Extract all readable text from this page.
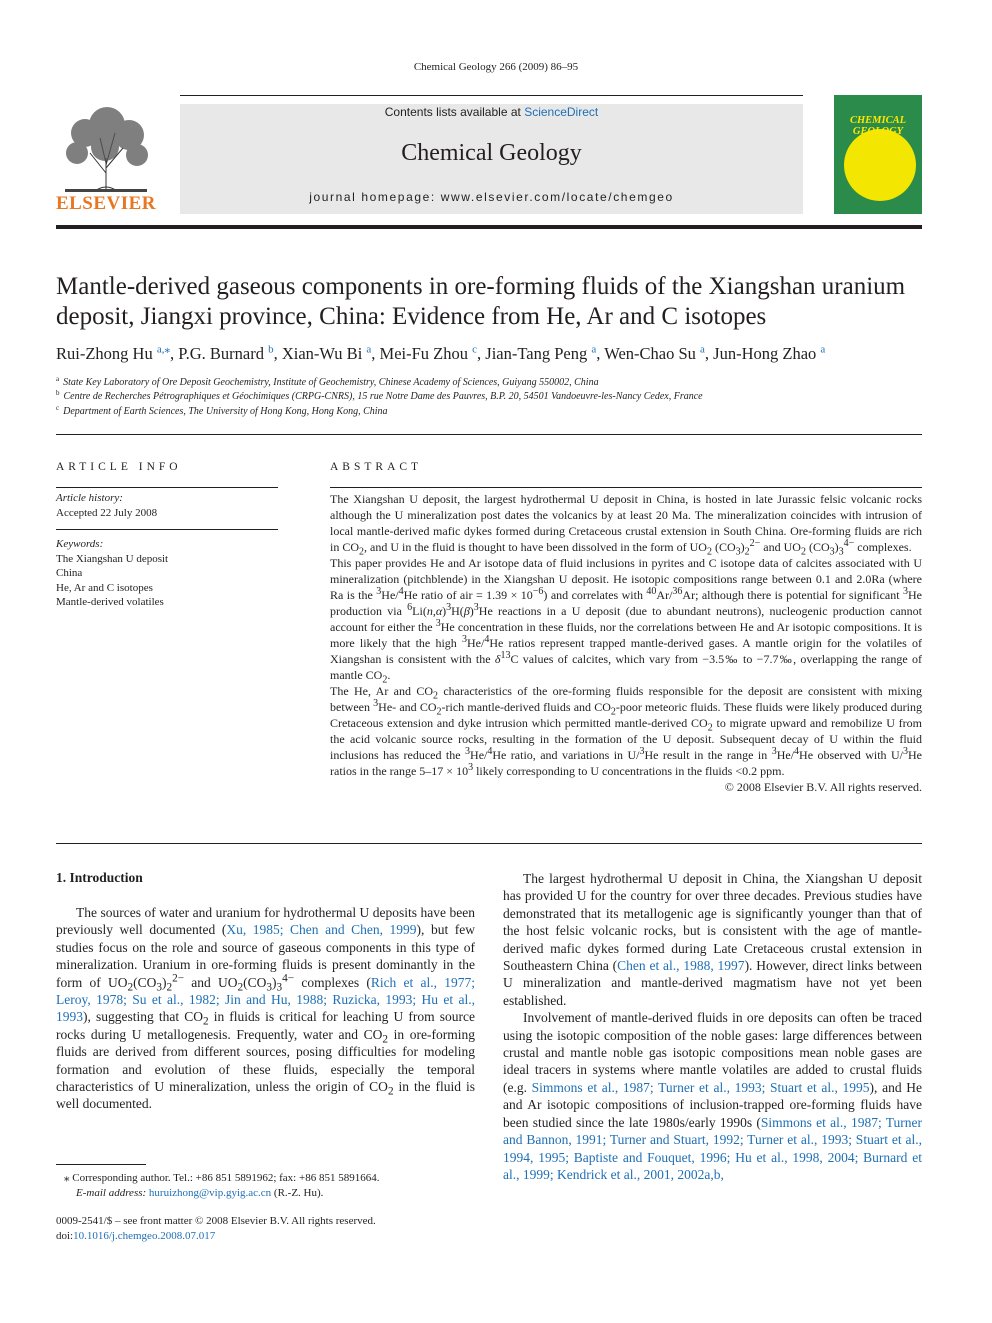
Chemical Geology 266 (2009) 86–95
ELSEVIER
Contents lists available at ScienceDirect
Chemical Geology
journal homepage: www.elsevier.com/locate/chemgeo
CHEMICAL
GEOLOGY
Mantle-derived gaseous components in ore-forming fluids of the Xiangshan uranium deposit, Jiangxi province, China: Evidence from He, Ar and C isotopes
Rui-Zhong Hu $^{a,⁎}$, P.G. Burnard $^b$, Xian-Wu Bi $^a$, Mei-Fu Zhou $^c$, Jian-Tang Peng $^a$, Wen-Chao Su $^a$, Jun-Hong Zhao $^a$
$^a$ State Key Laboratory of Ore Deposit Geochemistry, Institute of Geochemistry, Chinese Academy of Sciences, Guiyang 550002, China
$^b$ Centre de Recherches Pétrographiques et Géochimiques (CRPG-CNRS), 15 rue Notre Dame des Pauvres, B.P. 20, 54501 Vandoeuvre-les-Nancy Cedex, France
$^c$ Department of Earth Sciences, The University of Hong Kong, Hong Kong, China
ARTICLE INFO
Article history:
Accepted 22 July 2008
Keywords:
The Xiangshan U deposit
China
He, Ar and C isotopes
Mantle-derived volatiles
ABSTRACT

The Xiangshan U deposit, the largest hydrothermal U deposit in China, is hosted in late Jurassic felsic volcanic rocks although the U mineralization post dates the volcanics by at least 20 Ma. The mineralization coincides with intrusion of local mantle-derived mafic dykes formed during Cretaceous crustal extension in South China. Ore-forming fluids are rich in $CO_2$, and U in the fluid is thought to have been dissolved in the form of $UO_2$ $(CO_3)_2^{2-}$ and $UO_2$ $(CO_3)_3^{4-}$ complexes.

This paper provides He and Ar isotope data of fluid inclusions in pyrites and C isotope data of calcites associated with U mineralization (pitchblende) in the Xiangshan U deposit. He isotopic compositions range between 0.1 and 2.0Ra (where Ra is the $^3$He/$^4$He ratio of air = $1.39 \times 10^{-6}$) and correlates with $^{40}$Ar/$^{36}$Ar; although there is potential for significant $^3$He production via $^6Li(n,\alpha)^3H(\beta)^3He$ reactions in a U deposit (due to abundant neutrons), nucleogenic production cannot account for either the $^3$He concentration in these fluids, nor the correlations between He and Ar isotopic compositions. It is more likely that the high $^3$He/$^4$He ratios represent trapped mantle-derived gases. A mantle origin for the volatiles of Xiangshan is consistent with the $\delta^{13}C$ values of calcites, which vary from −3.5‰ to −7.7‰, overlapping the range of mantle $CO_2$.

The He, Ar and $CO_2$ characteristics of the ore-forming fluids responsible for the deposit are consistent with mixing between $^3$He- and $CO_2$-rich mantle-derived fluids and $CO_2$-poor meteoric fluids. These fluids were likely produced during Cretaceous extension and dyke intrusion which permitted mantle-derived $CO_2$ to migrate upward and remobilize U from the acid volcanic source rocks, resulting in the formation of the U deposit. Subsequent decay of U within the fluid inclusions has reduced the $^3$He/$^4$He ratio, and variations in U/$^3$He result in the range in $^3$He/$^4$He observed with U/$^3$He ratios in the range $5-17 \times 10^3$ likely corresponding to U concentrations in the fluids <0.2 ppm.

© 2008 Elsevier B.V. All rights reserved.

1. Introduction

The sources of water and uranium for hydrothermal U deposits have been previously well documented (Xu, 1985; Chen and Chen, 1999), but few studies focus on the role and source of gaseous components in this type of mineralization. Uranium in ore-forming fluids is present dominantly in the form of $UO_2(CO_3)_2^{2-}$ and $UO_2(CO_3)_3^{4-}$ complexes (Rich et al., 1977; Leroy, 1978; Su et al., 1982; Jin and Hu, 1988; Ruzicka, 1993; Hu et al., 1993), suggesting that $CO_2$ in fluids is critical for leaching U from source rocks during U metallogenesis. Frequently, water and $CO_2$ in ore-forming fluids are derived from different sources, posing difficulties for modeling formation and evolution of these fluids, especially the temporal characteristics of U mineralization, unless the origin of $CO_2$ in the fluid is well documented.

The largest hydrothermal U deposit in China, the Xiangshan U deposit has provided U for the country for over three decades. Previous studies have demonstrated that its metallogenic age is significantly younger than that of the host felsic volcanic rocks, but is consistent with the age of mantle-derived mafic dykes formed during Late Cretaceous crustal extension in Southeastern China (Chen et al., 1988, 1997). However, direct links between U mineralization and mantle-derived magmatism have not yet been established.

Involvement of mantle-derived fluids in ore deposits can often be traced using the isotopic composition of the noble gases: large differences between crustal and mantle noble gas isotopic compositions mean noble gases are ideal tracers in systems where mantle volatiles are added to crustal fluids (e.g. Simmons et al., 1987; Turner et al., 1993; Stuart et al., 1995), and He and Ar isotopic compositions of inclusion-trapped ore-forming fluids have been studied since the late 1980s/early 1990s (Simmons et al., 1987; Turner and Bannon, 1991; Turner and Stuart, 1992; Turner et al., 1993; Stuart et al., 1994, 1995; Baptiste and Fouquet, 1996; Hu et al., 1998, 2004; Burnard et al., 1999; Kendrick et al., 2001, 2002a,b,

⁎ Corresponding author. Tel.: +86 851 5891962; fax: +86 851 5891664.
E-mail address: huruizhong@vip.gyig.ac.cn (R.-Z. Hu).
0009-2541/$ – see front matter © 2008 Elsevier B.V. All rights reserved.
doi:10.1016/j.chemgeo.2008.07.017
